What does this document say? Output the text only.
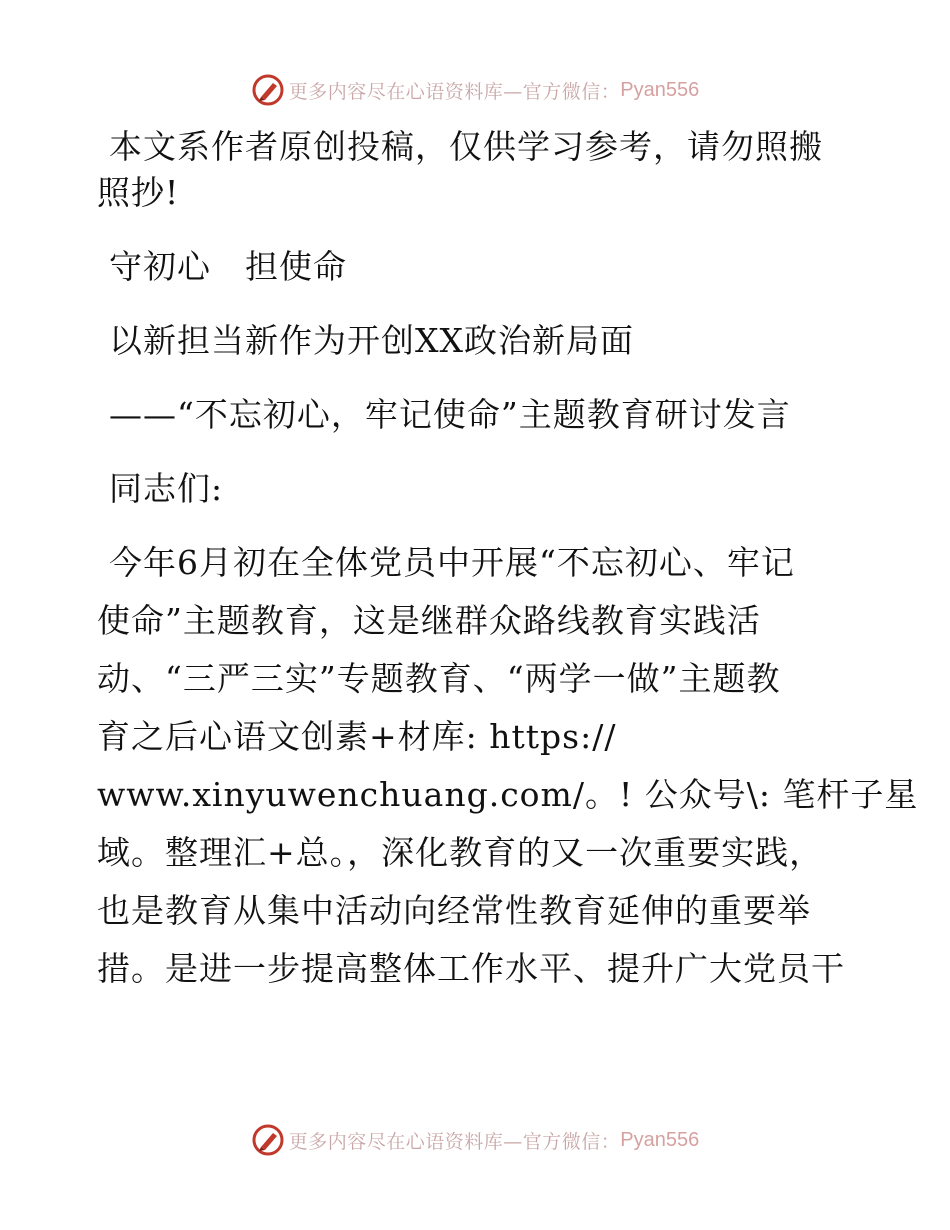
更多内容尽在心语资料库—官方微信： Pyan556
本文系作者原创投稿，仅供学习参考，请勿照搬
照抄!
守初心　担使命
以新担当新作为开创XX政治新局面
——“不忘初心，牢记使命”主题教育研讨发言
同志们:
今年6月初在全体党员中开展“不忘初心、牢记
使命”主题教育，这是继群众路线教育实践活
动、“三严三实”专题教育、“两学一做”主题教
育之后心语文创素+材库: https://
www.xinyuwenchuang.com/。! 公众号\: 笔杆子星
域。整理汇+总。，深化教育的又一次重要实践，
也是教育从集中活动向经常性教育延伸的重要举
措。是进一步提高整体工作水平、提升广大党员干
更多内容尽在心语资料库—官方微信： Pyan556
